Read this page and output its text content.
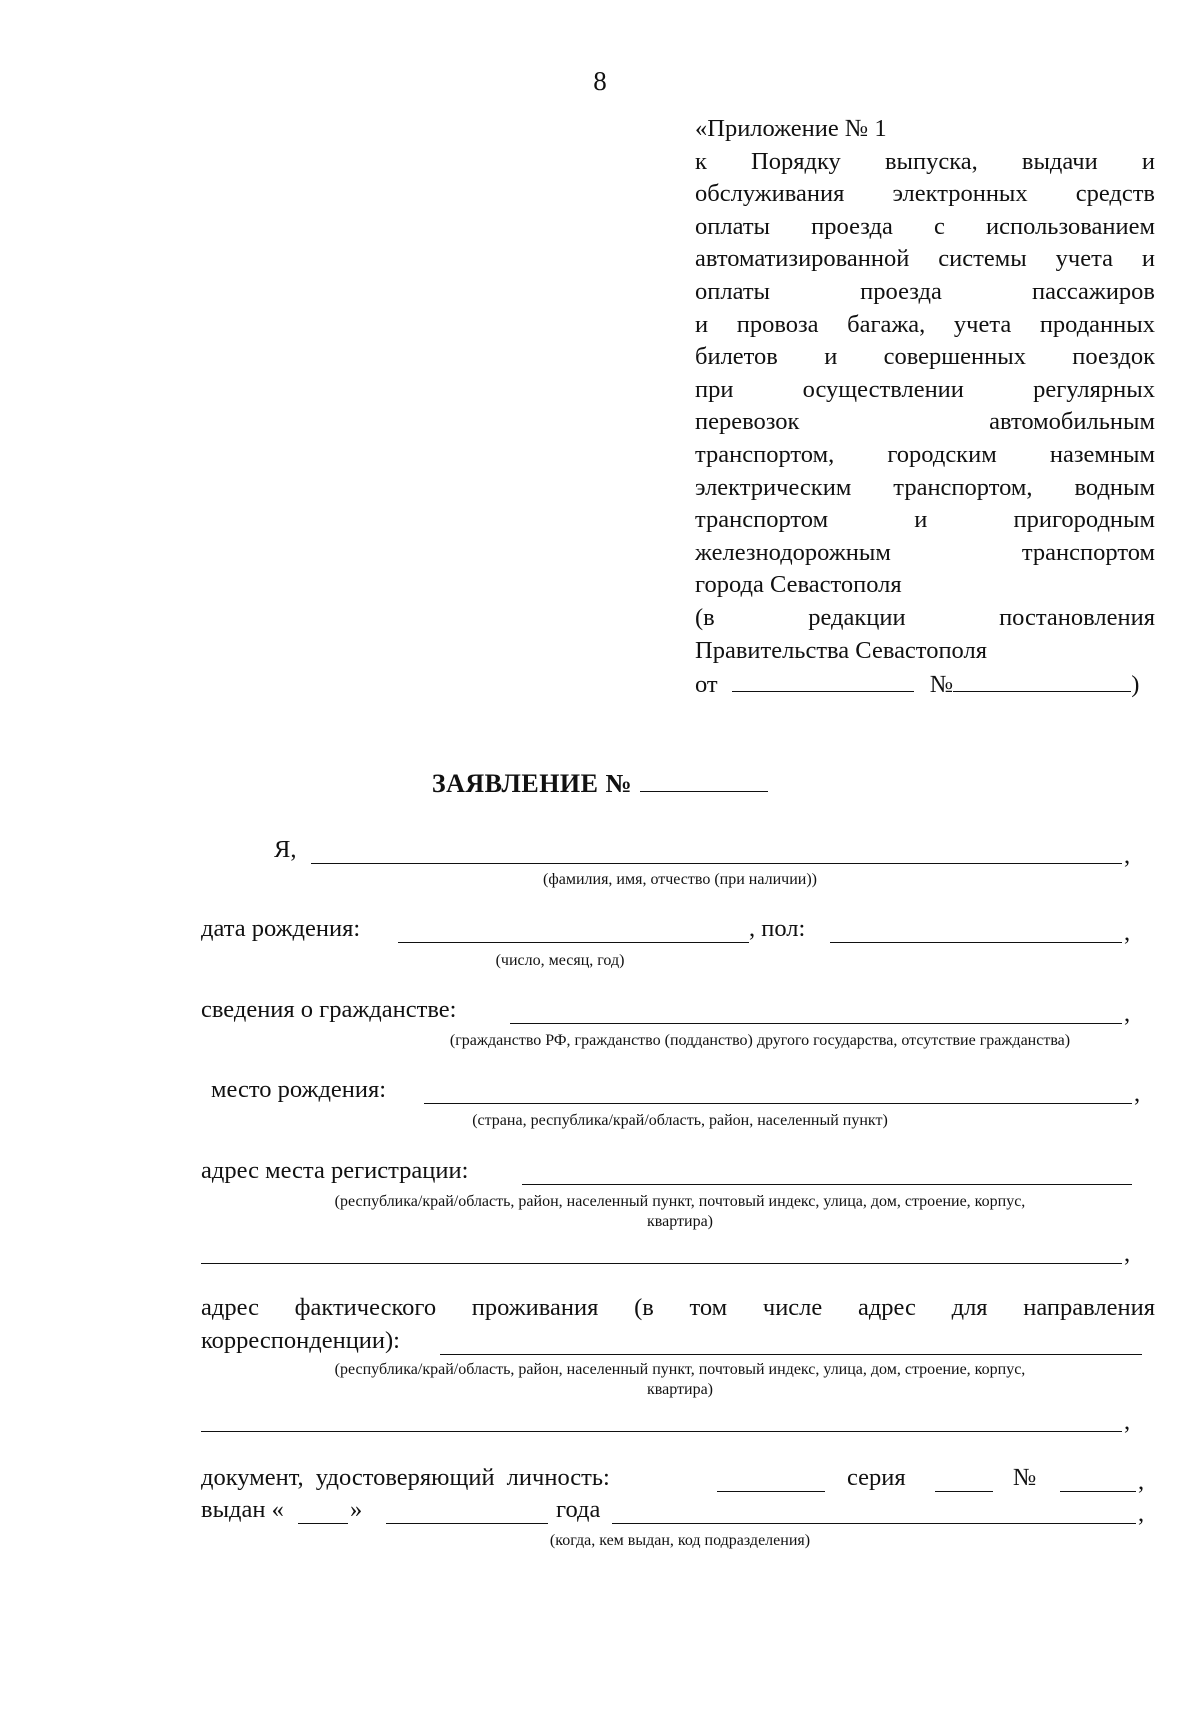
8
«Приложение № 1
к Порядку выпуска, выдачи и
обслуживания электронных средств
оплаты проезда с использованием
автоматизированной системы учета и
оплаты проезда пассажиров
и провоза багажа, учета проданных
билетов и совершенных поездок
при осуществлении регулярных
перевозок автомобильным
транспортом, городским наземным
электрическим транспортом, водным
транспортом и пригородным
железнодорожным транспортом
города Севастополя
(в редакции постановления
Правительства Севастополя
от	№	)
ЗАЯВЛЕНИЕ №
Я,	,
(фамилия, имя, отчество (при наличии))
дата рождения:	, пол:	,
(число, месяц, год)
сведения о гражданстве:	,
(гражданство РФ, гражданство (подданство) другого государства, отсутствие гражданства)
место рождения:	,
(страна, республика/край/область, район, населенный пункт)
адрес места регистрации:
(республика/край/область, район, населенный пункт, почтовый индекс, улица, дом, строение, корпус,
квартира)
,
адрес фактического проживания (в том числе адрес для направления
корреспонденции):
(республика/край/область, район, населенный пункт, почтовый индекс, улица, дом, строение, корпус,
квартира)
,
документ, удостоверяющий личность:	серия	№	,
выдан «	»	года	,
(когда, кем выдан, код подразделения)
